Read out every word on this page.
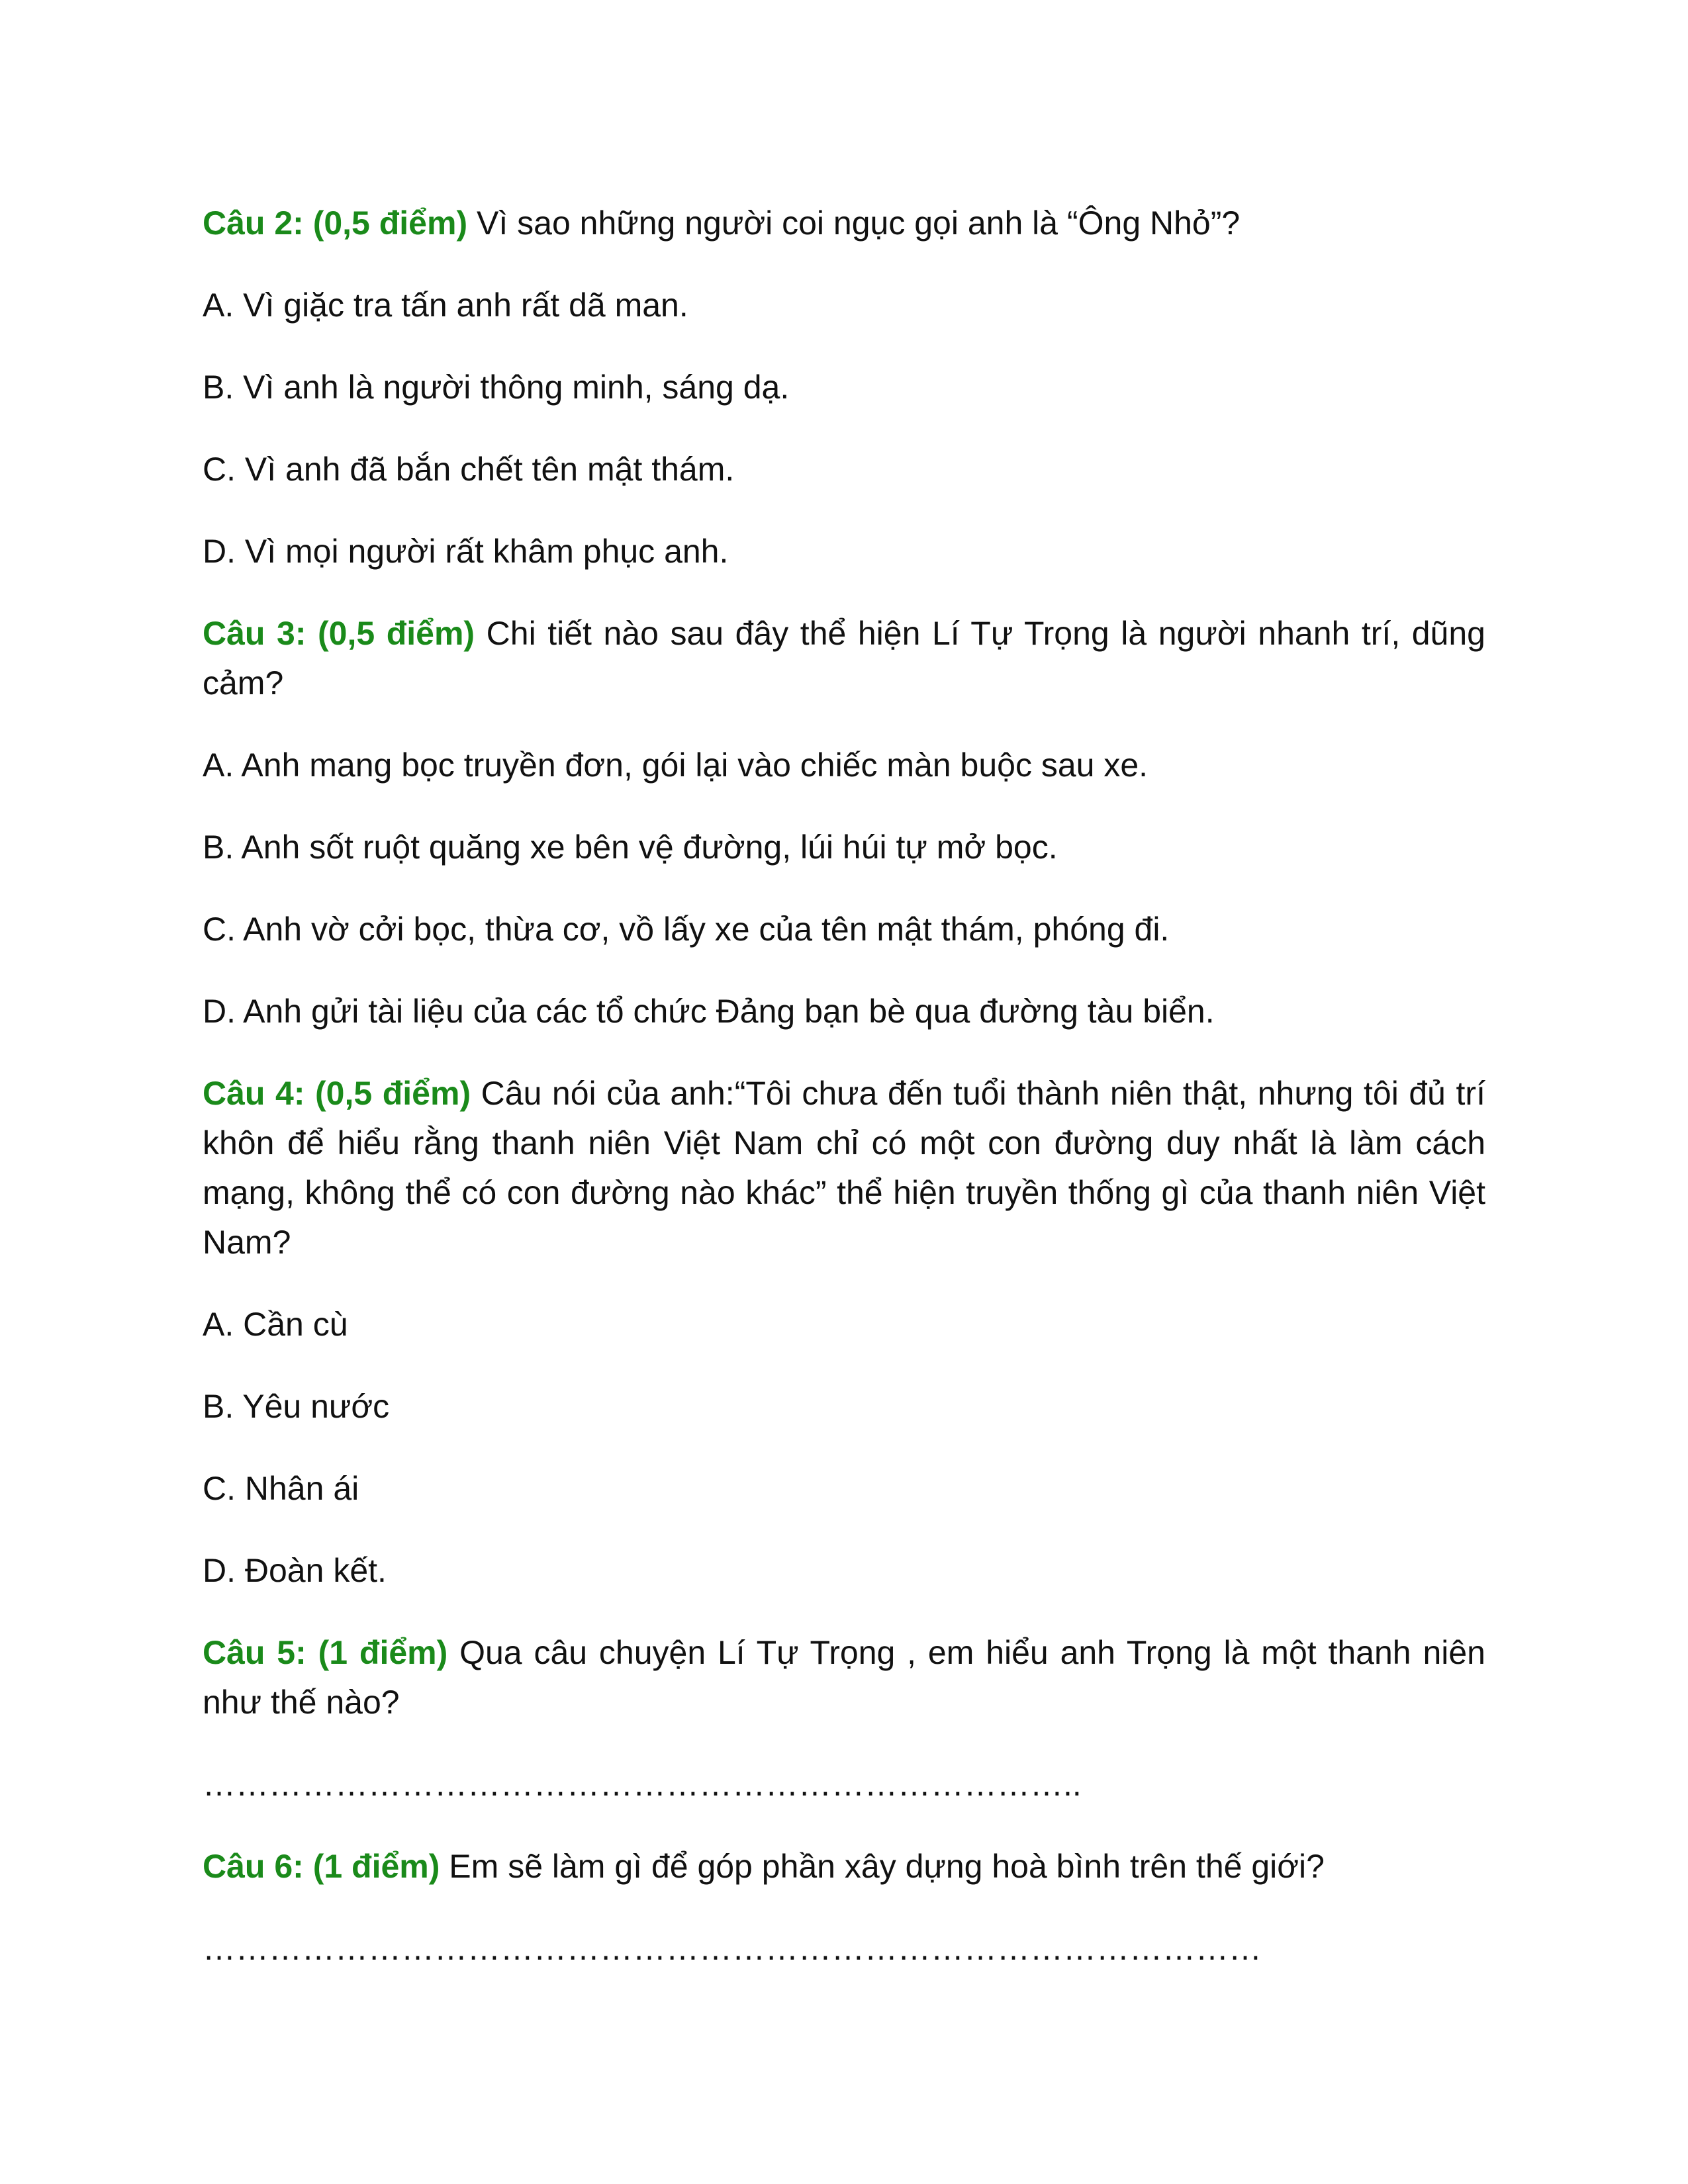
Câu 2: (0,5 điểm) Vì sao những người coi ngục gọi anh là “Ông Nhỏ”?

A. Vì giặc tra tấn anh rất dã man.

B. Vì anh là người thông minh, sáng dạ.

C. Vì anh đã bắn chết tên mật thám.

D. Vì mọi người rất khâm phục anh.

Câu 3: (0,5 điểm) Chi tiết nào sau đây thể hiện Lí Tự Trọng là người nhanh trí, dũng cảm?

A. Anh mang bọc truyền đơn, gói lại vào chiếc màn buộc sau xe.

B. Anh sốt ruột quăng xe bên vệ đường, lúi húi tự mở bọc.

C. Anh vờ cởi bọc, thừa cơ, vồ lấy xe của tên mật thám, phóng đi.

D. Anh gửi tài liệu của các tổ chức Đảng bạn bè qua đường tàu biển.

Câu 4: (0,5 điểm) Câu nói của anh:“Tôi chưa đến tuổi thành niên thật, nhưng tôi đủ trí khôn để hiểu rằng thanh niên Việt Nam chỉ có một con đường duy nhất là làm cách mạng, không thể có con đường nào khác” thể hiện truyền thống gì của thanh niên Việt Nam?

A. Cần cù

B. Yêu nước

C. Nhân ái

D. Đoàn kết.

Câu 5: (1 điểm) Qua câu chuyện Lí Tự Trọng , em hiểu anh Trọng là một thanh niên như thế nào?

……………………………………………………………………..

Câu 6: (1 điểm) Em sẽ làm gì để góp phần xây dựng hoà bình trên thế giới?

……………………………………………………………………………………
